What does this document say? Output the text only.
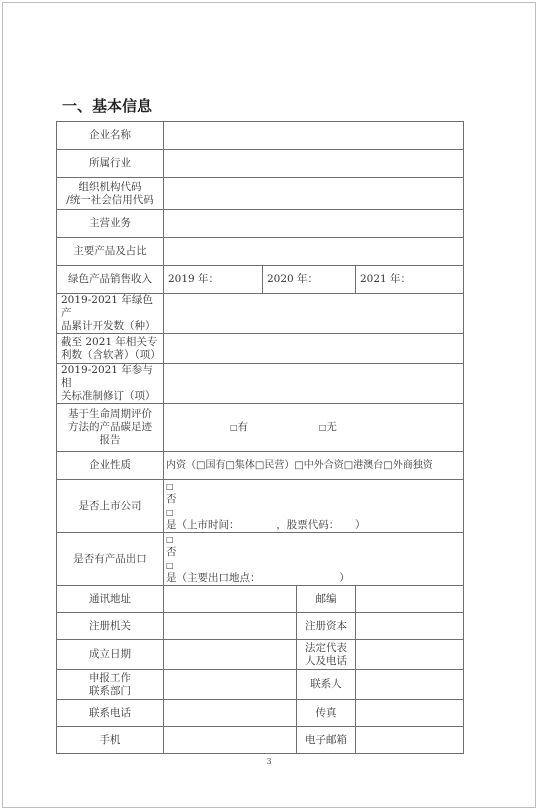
一、基本信息
企业名称				
所属行业				

组织机构代码
/统一社会信用代码				

主营业务				
主要产品及占比				
绿色产品销售收入	2019 年：	2020 年：		2021 年：

2019-2021 年绿色产
品累计开发数（种）				

截至 2021 年相关专
利数（含软著）（项）				

2019-2021 年参与相
关标准制修订（项）				

基于生命周期评价
方法的产品碳足迹
报告	□有 □无			
企业性质	内资（□国有□集体□民营）□中外合资□港澳台□外商独资			
是否上市公司	□
否
□
是（上市时间：　　　　，股票代码：　　）			

是否有产品出口	□
否
□
是（主要出口地点：　　　　　　　　）			

通讯地址			邮编	
注册机关			注册资本	
成立日期			法定代表
人及电话	

申报工作
联系部门			联系人	
联系电话			传真	
手机			电子邮箱	
3
